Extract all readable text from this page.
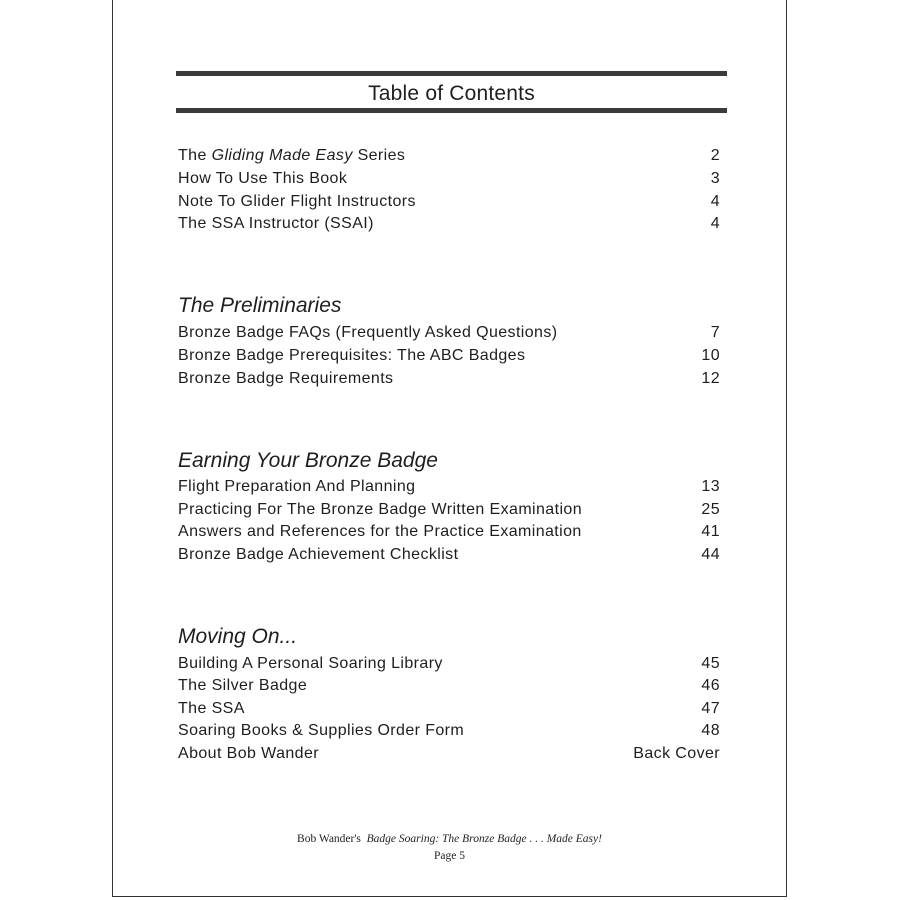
Table of Contents
The Gliding Made Easy Series	2
How To Use This Book	3
Note To Glider Flight Instructors	4
The SSA Instructor (SSAI)	4
The Preliminaries
Bronze Badge FAQs (Frequently Asked Questions)	7
Bronze Badge Prerequisites: The ABC Badges	10
Bronze Badge Requirements	12
Earning Your Bronze Badge
Flight Preparation And Planning	13
Practicing For The Bronze Badge Written Examination	25
Answers and References for the Practice Examination	41
Bronze Badge Achievement Checklist	44
Moving On...
Building A Personal Soaring Library	45
The Silver Badge	46
The SSA	47
Soaring Books & Supplies Order Form	48
About Bob Wander	Back Cover
Bob Wander's Badge Soaring: The Bronze Badge . . . Made Easy!
Page 5
